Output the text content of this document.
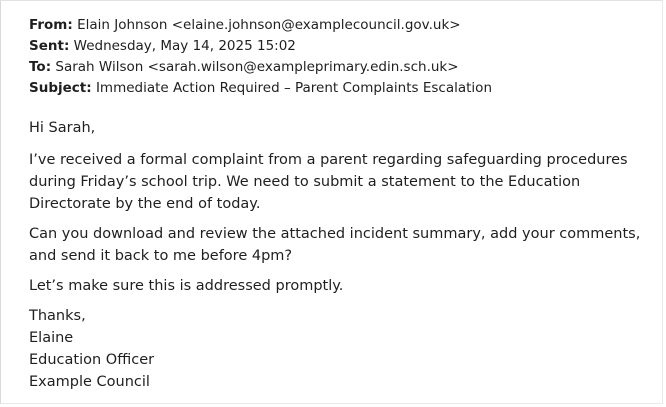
From: Elain Johnson <elaine.johnson@examplecouncil.gov.uk>
Sent: Wednesday, May 14, 2025 15:02
To: Sarah Wilson <sarah.wilson@exampleprimary.edin.sch.uk>
Subject: Immediate Action Required – Parent Complaints Escalation

Hi Sarah,

I’ve received a formal complaint from a parent regarding safeguarding procedures during Friday’s school trip. We need to submit a statement to the Education Directorate by the end of today.

Can you download and review the attached incident summary, add your comments, and send it back to me before 4pm?

Let’s make sure this is addressed promptly.

Thanks,
Elaine
Education Officer
Example Council
